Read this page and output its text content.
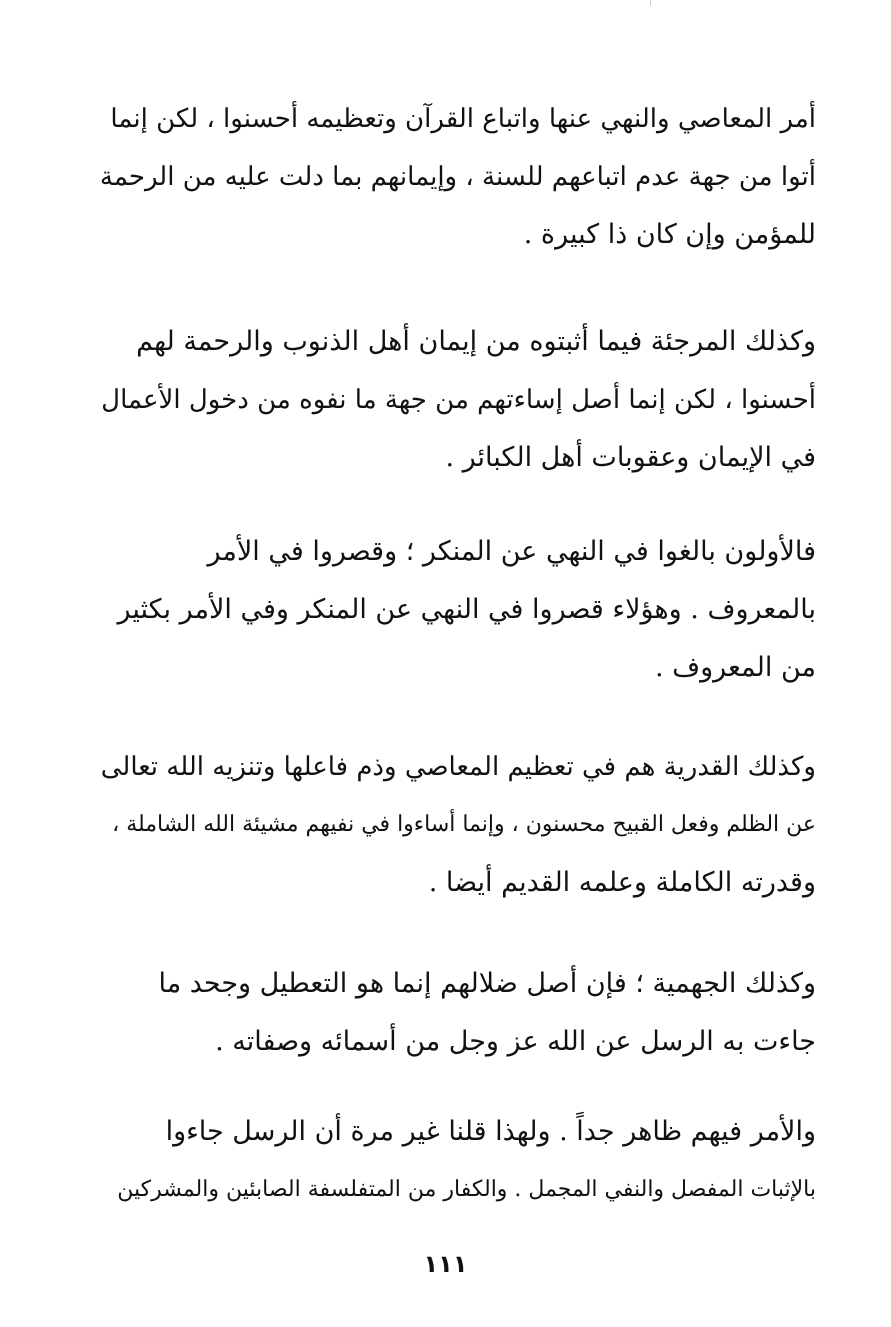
أمر المعاصي والنهي عنها واتباع القرآن وتعظيمه أحسنوا ، لكن إنما
أتوا من جهة عدم اتباعهم للسنة ، وإيمانهم بما دلت عليه من الرحمة
للمؤمن وإن كان ذا كبيرة .
وكذلك المرجئة فيما أثبتوه من إيمان أهل الذنوب والرحمة لهم
أحسنوا ، لكن إنما أصل إساءتهم من جهة ما نفوه من دخول الأعمال
في الإيمان وعقوبات أهل الكبائر .
فالأولون بالغوا في النهي عن المنكر ؛ وقصروا في الأمر
بالمعروف . وهؤلاء قصروا في النهي عن المنكر وفي الأمر بكثير
من المعروف .
وكذلك القدرية هم في تعظيم المعاصي وذم فاعلها وتنزيه الله تعالى
عن الظلم وفعل القبيح محسنون ، وإنما أساءوا في نفيهم مشيئة الله الشاملة ،
وقدرته الكاملة وعلمه القديم أيضا .
وكذلك الجهمية ؛ فإن أصل ضلالهم إنما هو التعطيل وجحد ما
جاءت به الرسل عن الله عز وجل من أسمائه وصفاته .
والأمر فيهم ظاهر جداً . ولهذا قلنا غير مرة أن الرسل جاءوا
بالإثبات المفصل والنفي المجمل . والكفار من المتفلسفة الصابئين والمشركين
١١١
